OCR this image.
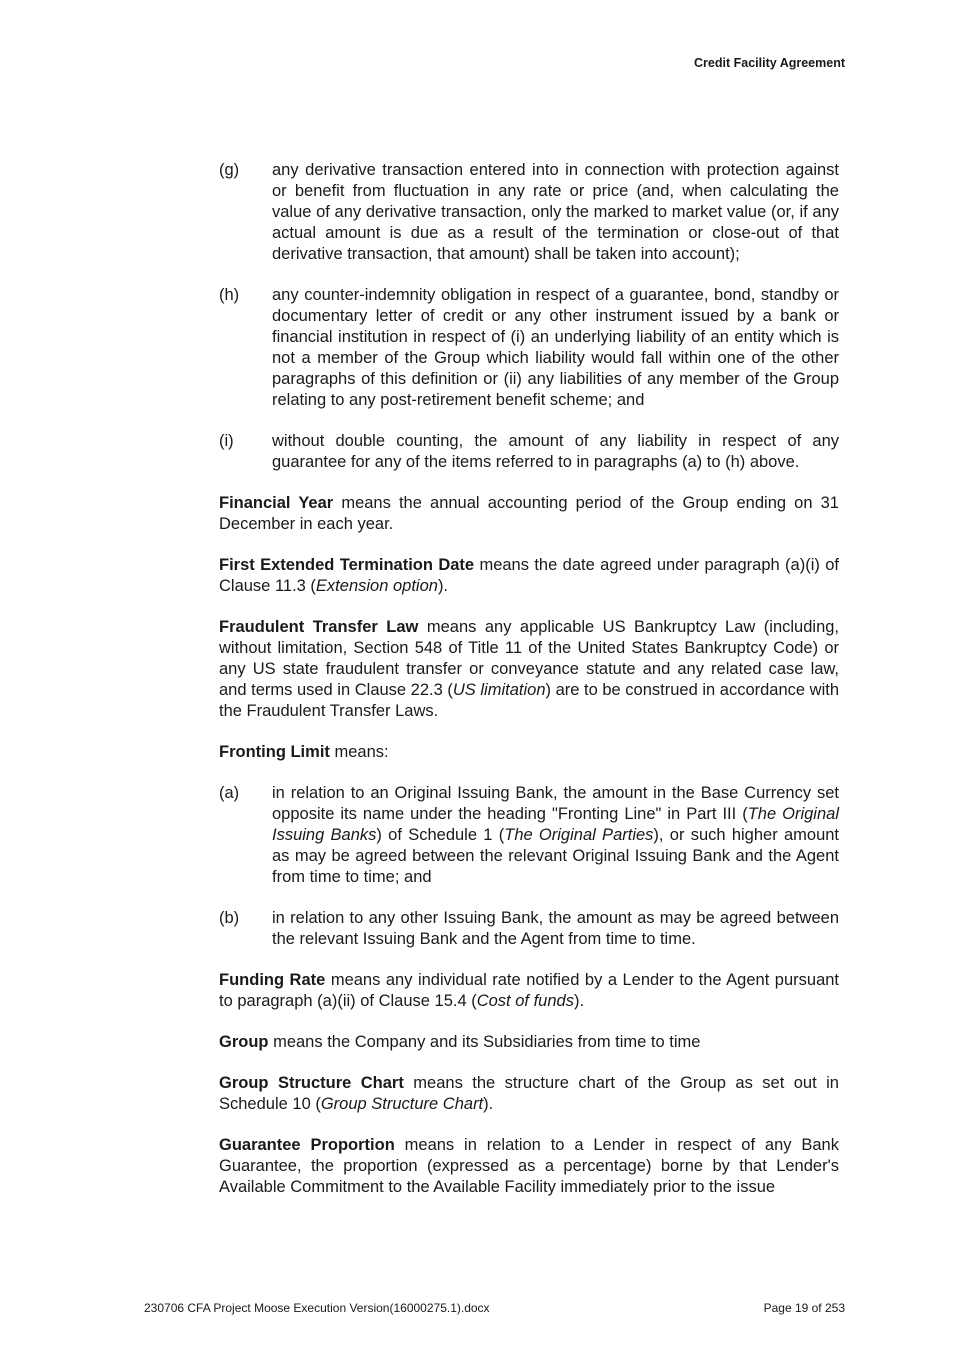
Credit Facility Agreement
(g)	any derivative transaction entered into in connection with protection against or benefit from fluctuation in any rate or price (and, when calculating the value of any derivative transaction, only the marked to market value (or, if any actual amount is due as a result of the termination or close-out of that derivative transaction, that amount) shall be taken into account);
(h)	any counter-indemnity obligation in respect of a guarantee, bond, standby or documentary letter of credit or any other instrument issued by a bank or financial institution in respect of (i) an underlying liability of an entity which is not a member of the Group which liability would fall within one of the other paragraphs of this definition or (ii) any liabilities of any member of the Group relating to any post-retirement benefit scheme; and
(i)	without double counting, the amount of any liability in respect of any guarantee for any of the items referred to in paragraphs (a) to (h) above.

Financial Year means the annual accounting period of the Group ending on 31 December in each year.

First Extended Termination Date means the date agreed under paragraph (a)(i) of Clause 11.3 (Extension option).

Fraudulent Transfer Law means any applicable US Bankruptcy Law (including, without limitation, Section 548 of Title 11 of the United States Bankruptcy Code) or any US state fraudulent transfer or conveyance statute and any related case law, and terms used in Clause 22.3 (US limitation) are to be construed in accordance with the Fraudulent Transfer Laws.

Fronting Limit means:

(a)	in relation to an Original Issuing Bank, the amount in the Base Currency set opposite its name under the heading "Fronting Line" in Part III (The Original Issuing Banks) of Schedule 1 (The Original Parties), or such higher amount as may be agreed between the relevant Original Issuing Bank and the Agent from time to time; and
(b)	in relation to any other Issuing Bank, the amount as may be agreed between the relevant Issuing Bank and the Agent from time to time.

Funding Rate means any individual rate notified by a Lender to the Agent pursuant to paragraph (a)(ii) of Clause 15.4 (Cost of funds).

Group means the Company and its Subsidiaries from time to time

Group Structure Chart means the structure chart of the Group as set out in Schedule 10 (Group Structure Chart).

Guarantee Proportion means in relation to a Lender in respect of any Bank Guarantee, the proportion (expressed as a percentage) borne by that Lender's Available Commitment to the Available Facility immediately prior to the issue

230706 CFA Project Moose Execution Version(16000275.1).docx	Page 19 of 253
